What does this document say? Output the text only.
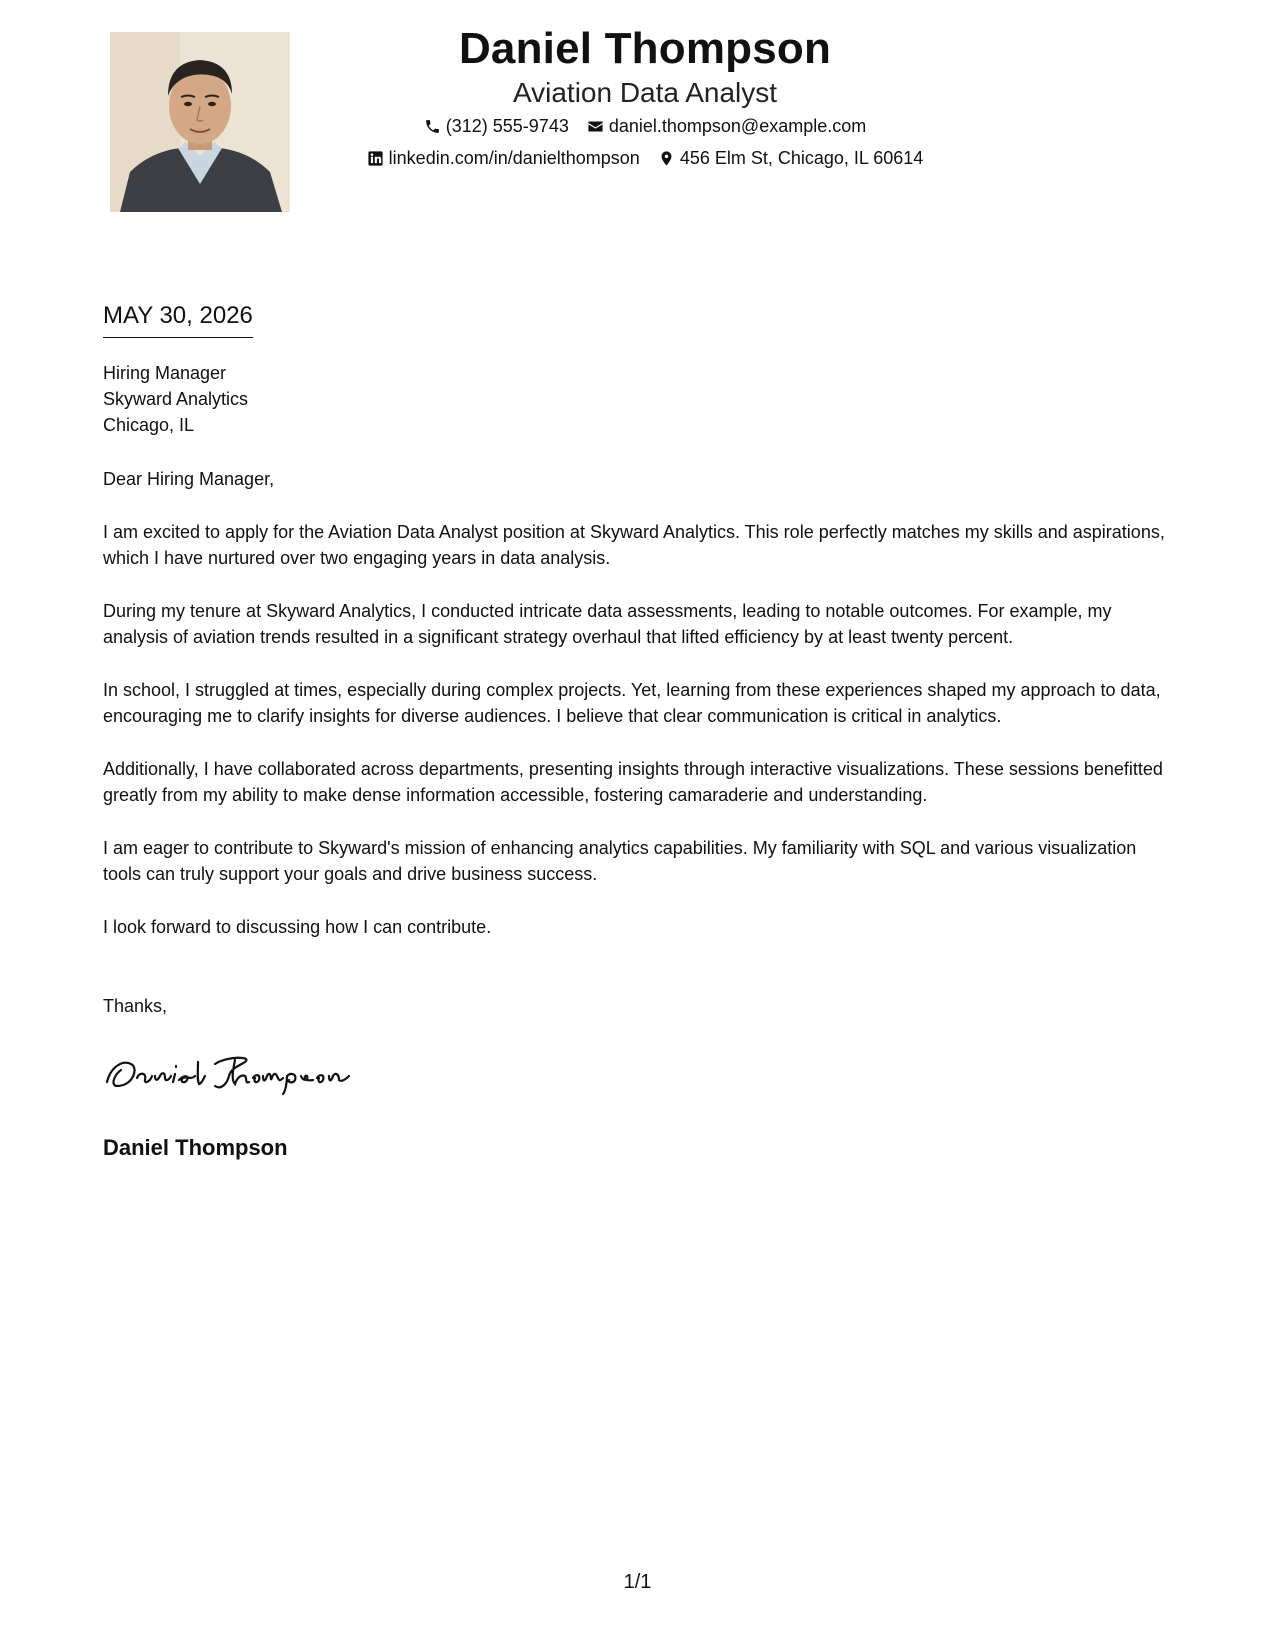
Daniel Thompson
Aviation Data Analyst
(312) 555-9743 daniel.thompson@example.com
linkedin.com/in/danielthompson 456 Elm St, Chicago, IL 60614
MAY 30, 2026
Hiring Manager
Skyward Analytics
Chicago, IL

Dear Hiring Manager,

I am excited to apply for the Aviation Data Analyst position at Skyward Analytics. This role perfectly matches my skills and aspirations, which I have nurtured over two engaging years in data analysis.

During my tenure at Skyward Analytics, I conducted intricate data assessments, leading to notable outcomes. For example, my analysis of aviation trends resulted in a significant strategy overhaul that lifted efficiency by at least twenty percent.

In school, I struggled at times, especially during complex projects. Yet, learning from these experiences shaped my approach to data, encouraging me to clarify insights for diverse audiences. I believe that clear communication is critical in analytics.

Additionally, I have collaborated across departments, presenting insights through interactive visualizations. These sessions benefitted greatly from my ability to make dense information accessible, fostering camaraderie and understanding.

I am eager to contribute to Skyward's mission of enhancing analytics capabilities. My familiarity with SQL and various visualization tools can truly support your goals and drive business success.

I look forward to discussing how I can contribute.

Thanks,
Daniel Thompson
1/1
